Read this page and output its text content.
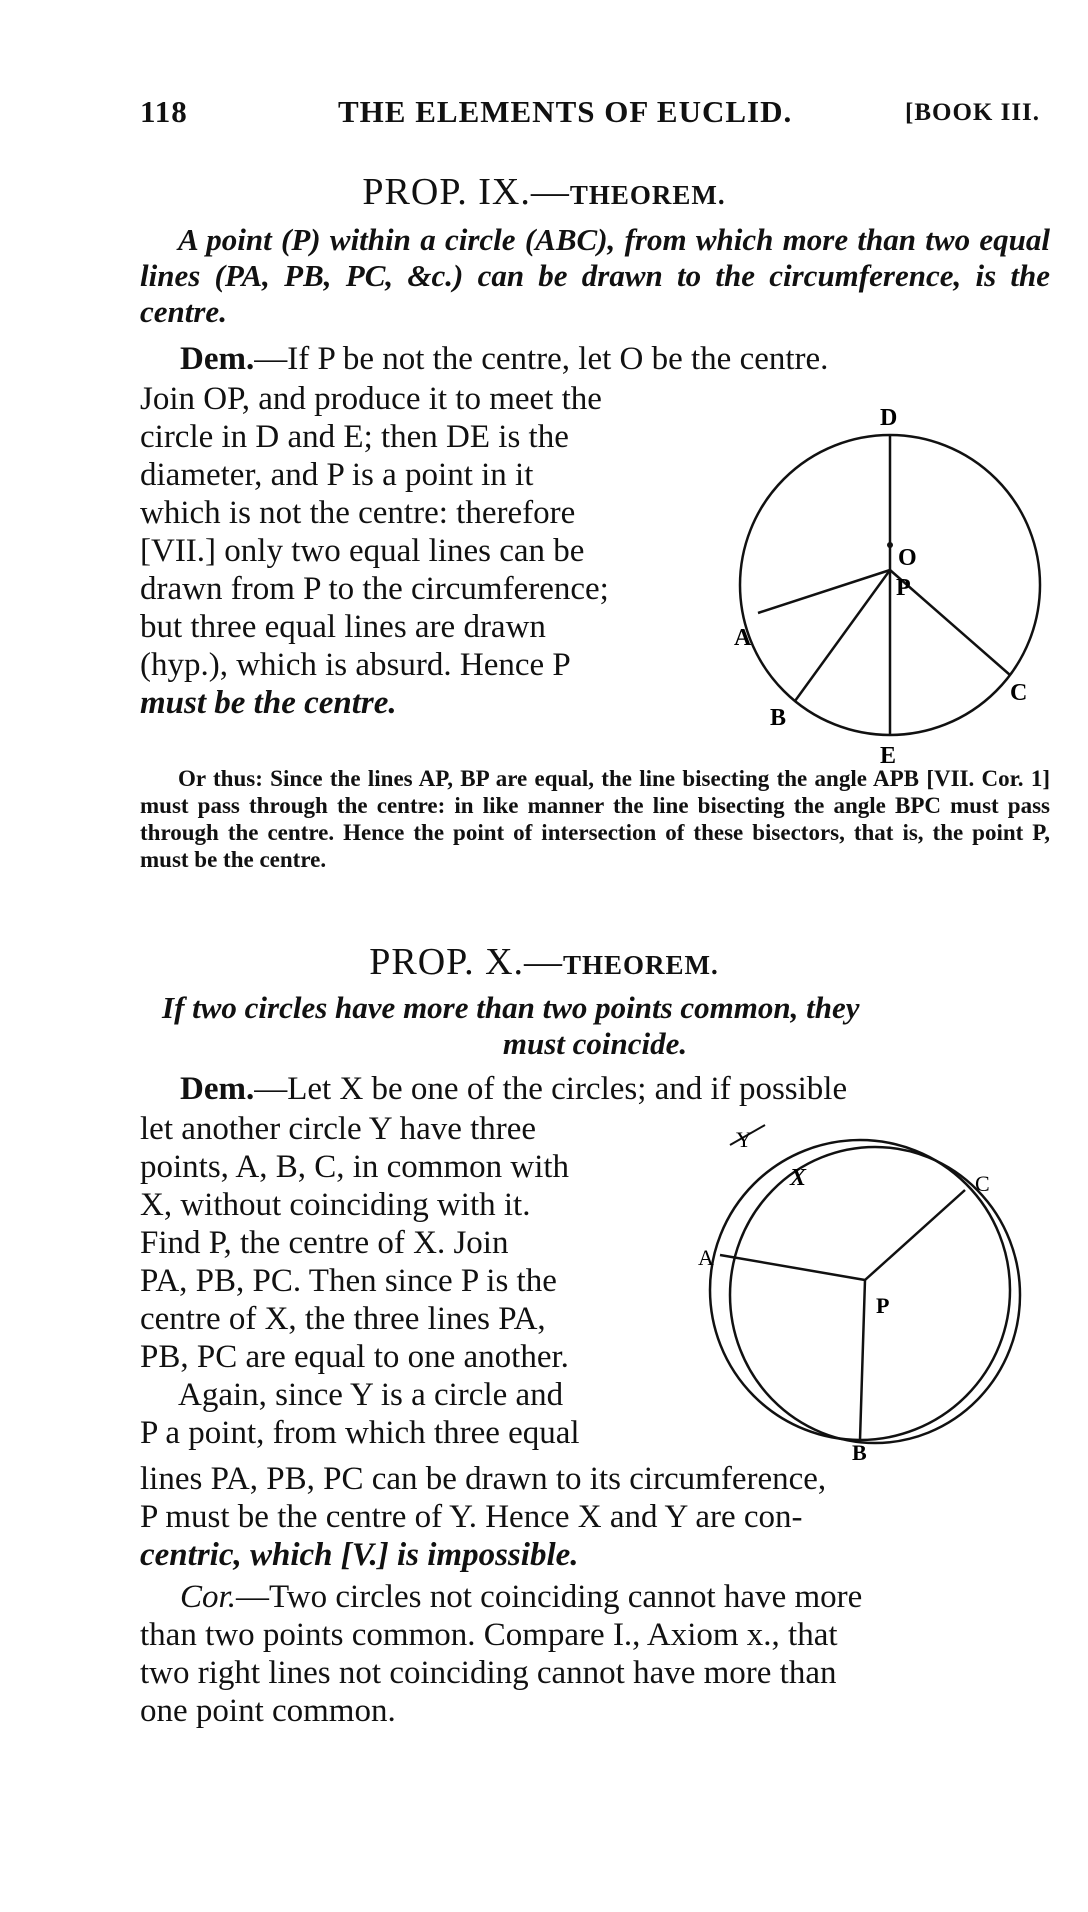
118	THE ELEMENTS OF EUCLID.	[BOOK III.
PROP. IX.—THEOREM.
A point (P) within a circle (ABC), from which more than two equal lines (PA, PB, PC, &c.) can be drawn to the circumference, is the centre.
Dem.—If P be not the centre, let O be the centre.
Join OP, and produce it to meet the
circle in D and E; then DE is the
diameter, and P is a point in it
which is not the centre: therefore
[VII.] only two equal lines can be
drawn from P to the circumference;
but three equal lines are drawn
(hyp.), which is absurd. Hence P
must be the centre.
D
O
P
A
B
C
E
Or thus: Since the lines AP, BP are equal, the line bisecting the angle APB [VII. Cor. 1] must pass through the centre: in like manner the line bisecting the angle BPC must pass through the centre. Hence the point of intersection of these bisectors, that is, the point P, must be the centre.
PROP. X.—THEOREM.
If two circles have more than two points common, they
must coincide.
Dem.—Let X be one of the circles; and if possible
let another circle Y have three
points, A, B, C, in common with
X, without coinciding with it.
Find P, the centre of X. Join
PA, PB, PC. Then since P is the
centre of X, the three lines PA,
PB, PC are equal to one another.
Again, since Y is a circle and
P a point, from which three equal
Y
X	C
A
P
B
lines PA, PB, PC can be drawn to its circumference,
P must be the centre of Y. Hence X and Y are con-
centric, which [V.] is impossible.
Cor.—Two circles not coinciding cannot have more
than two points common. Compare I., Axiom x., that
two right lines not coinciding cannot have more than
one point common.
